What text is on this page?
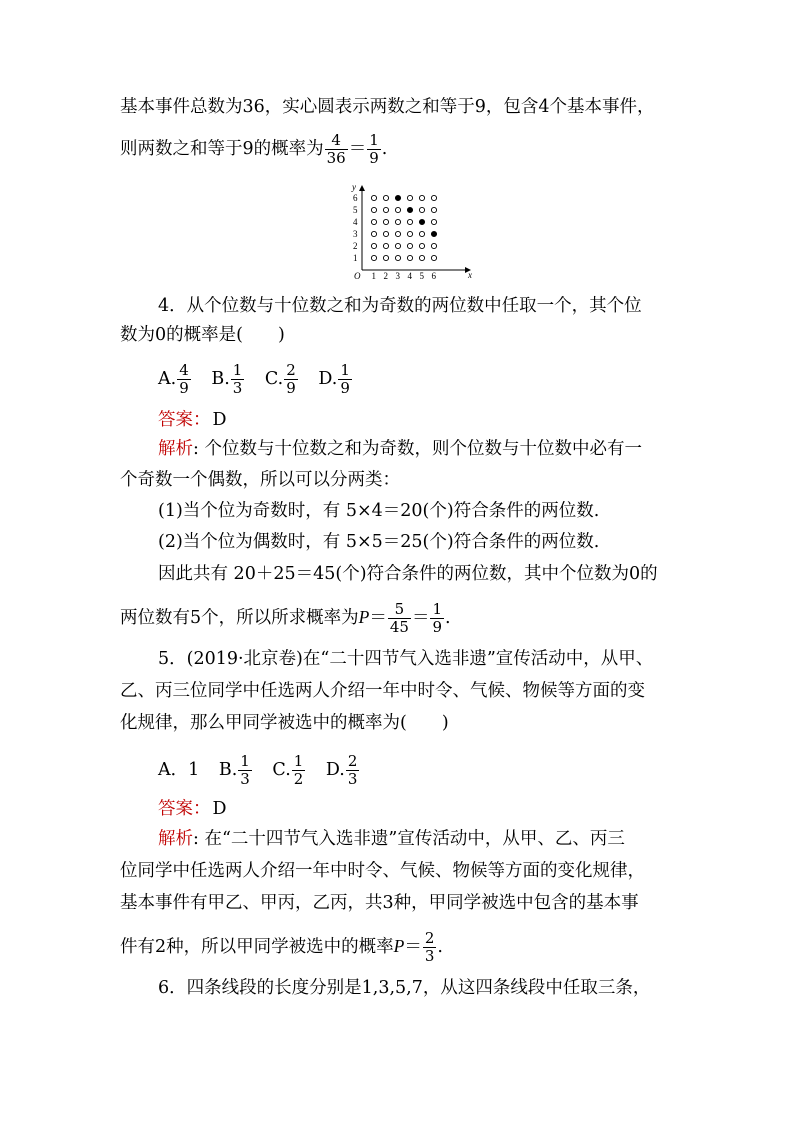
基本事件总数为36，实心圆表示两数之和等于9，包含4个基本事件，
则两数之和等于9的概率为 $\frac{4}{36} = \frac{1}{9}$ .
y
x
O 1 2 3 4 5 6
1
2
3
4
5
6
4．从个位数与十位数之和为奇数的两位数中任取一个，其个位
数为0的概率是(　　)
A. $\frac{4}{9} B$. $\frac{1}{3} C$. $\frac{2}{9} D$. $\frac{1}{9}$
答案： D
解析: 个位数与十位数之和为奇数，则个位数与十位数中必有一
个奇数一个偶数，所以可以分两类：
(1)当个位为奇数时，有 5×4＝20(个)符合条件的两位数.
(2)当个位为偶数时，有 5×5＝25(个)符合条件的两位数.
因此共有 20＋25＝45(个)符合条件的两位数，其中个位数为0的
两位数有5个，所以所求概率为$P= \frac{5}{45} = \frac{1}{9}$ .
5．(2019·北京卷)在“二十四节气入选非遗”宣传活动中，从甲、
乙、丙三位同学中任选两人介绍一年中时令、气候、物候等方面的变
化规律，那么甲同学被选中的概率为(　　)
A．1 B. $\frac{1}{3} C$. $\frac{1}{2} D$. $\frac{2}{3}$
答案： D
解析: 在“二十四节气入选非遗”宣传活动中，从甲、乙、丙三
位同学中任选两人介绍一年中时令、气候、物候等方面的变化规律，
基本事件有甲乙、甲丙，乙丙，共3种，甲同学被选中包含的基本事
件有2种，所以甲同学被选中的概率$P= \frac{2}{3}$ .
6．四条线段的长度分别是1,3,5,7，从这四条线段中任取三条，
